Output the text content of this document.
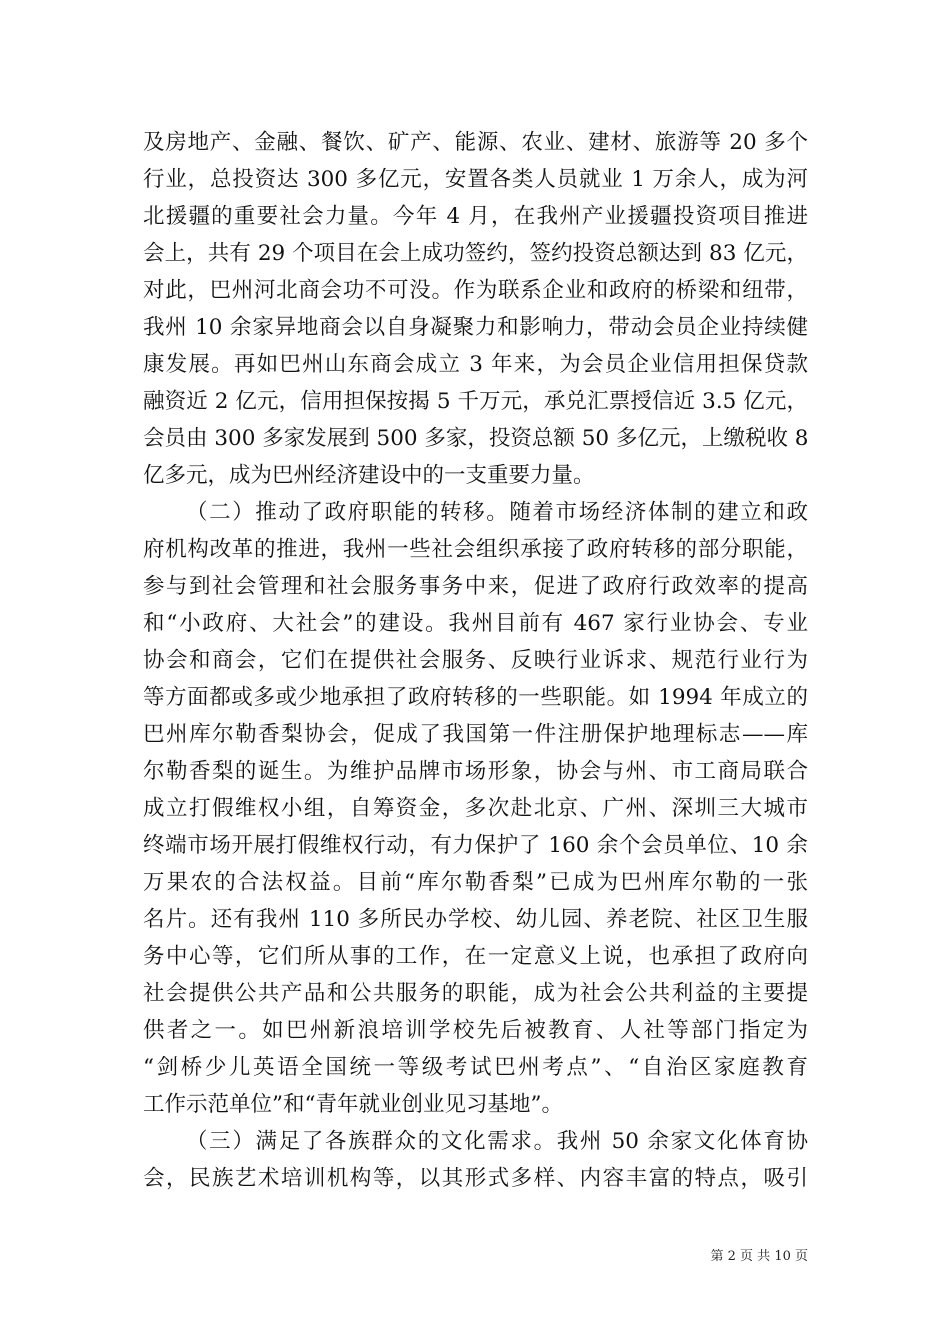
及房地产、金融、餐饮、矿产、能源、农业、建材、旅游等 20 多个
行业，总投资达 300 多亿元，安置各类人员就业 1 万余人，成为河
北援疆的重要社会力量。今年 4 月，在我州产业援疆投资项目推进
会上，共有 29 个项目在会上成功签约，签约投资总额达到 83 亿元，
对此，巴州河北商会功不可没。作为联系企业和政府的桥梁和纽带，
我州 10 余家异地商会以自身凝聚力和影响力，带动会员企业持续健
康发展。再如巴州山东商会成立 3 年来，为会员企业信用担保贷款
融资近 2 亿元，信用担保按揭 5 千万元，承兑汇票授信近 3.5 亿元，
会员由 300 多家发展到 500 多家，投资总额 50 多亿元，上缴税收 8
亿多元，成为巴州经济建设中的一支重要力量。
（二）推动了政府职能的转移。随着市场经济体制的建立和政
府机构改革的推进，我州一些社会组织承接了政府转移的部分职能，
参与到社会管理和社会服务事务中来，促进了政府行政效率的提高
和“小政府、大社会”的建设。我州目前有 467 家行业协会、专业
协会和商会，它们在提供社会服务、反映行业诉求、规范行业行为
等方面都或多或少地承担了政府转移的一些职能。如 1994 年成立的
巴州库尔勒香梨协会，促成了我国第一件注册保护地理标志——库
尔勒香梨的诞生。为维护品牌市场形象，协会与州、市工商局联合
成立打假维权小组，自筹资金，多次赴北京、广州、深圳三大城市
终端市场开展打假维权行动，有力保护了 160 余个会员单位、10 余
万果农的合法权益。目前“库尔勒香梨”已成为巴州库尔勒的一张
名片。还有我州 110 多所民办学校、幼儿园、养老院、社区卫生服
务中心等，它们所从事的工作，在一定意义上说，也承担了政府向
社会提供公共产品和公共服务的职能，成为社会公共利益的主要提
供者之一。如巴州新浪培训学校先后被教育、人社等部门指定为
“剑桥少儿英语全国统一等级考试巴州考点”、“自治区家庭教育
工作示范单位”和“青年就业创业见习基地”。
（三）满足了各族群众的文化需求。我州 50 余家文化体育协
会，民族艺术培训机构等，以其形式多样、内容丰富的特点，吸引
第 2 页 共 10 页
